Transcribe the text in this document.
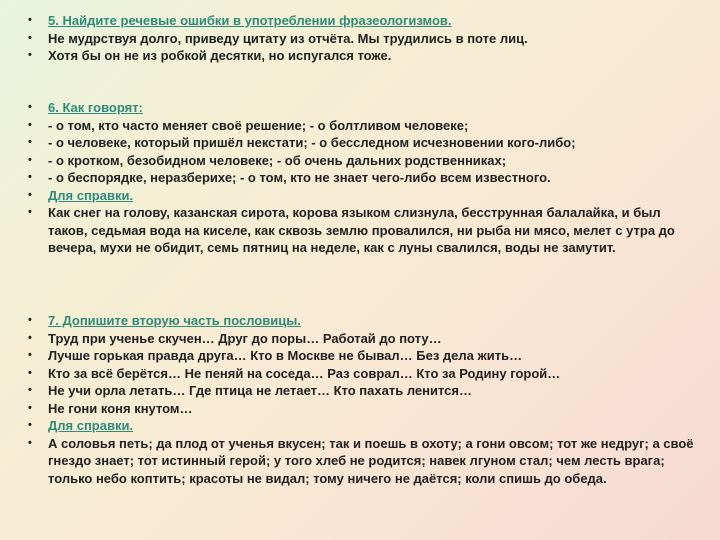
• 5. Найдите речевые ошибки в употреблении фразеологизмов.
• Не мудрствуя долго, приведу цитату из отчёта. Мы трудились в поте лиц.
• Хотя бы он не из робкой десятки, но испугался тоже.
• 6. Как говорят:
• - о том, кто часто меняет своё решение; - о болтливом человеке;
• - о человеке, который пришёл некстати; - о бесследном исчезновении кого-либо;
• - о кротком, безобидном человеке; - об очень дальних родственниках;
• - о беспорядке, неразберихе; - о том, кто не знает чего-либо всем известного.
• Для справки.
• Как снег на голову, казанская сирота, корова языком слизнула, бесструнная балалайка, и был таков, седьмая вода на киселе, как сквозь землю провалился, ни рыба ни мясо, мелет с утра до вечера, мухи не обидит, семь пятниц на неделе, как с луны свалился, воды не замутит.
• 7. Допишите вторую часть пословицы.
• Труд при ученье скучен… Друг до поры… Работай до поту…
• Лучше горькая правда друга… Кто в Москве не бывал… Без дела жить…
• Кто за всё берётся… Не пеняй на соседа… Раз соврал… Кто за Родину горой…
• Не учи орла летать… Где птица не летает… Кто пахать ленится…
• Не гони коня кнутом…
• Для справки.
• А соловья петь; да плод от ученья вкусен; так и поешь в охоту; а гони овсом; тот же недруг; а своё гнездо знает; тот истинный герой; у того хлеб не родится; навек лгуном стал; чем лесть врага; только небо коптить; красоты не видал; тому ничего не даётся; коли спишь до обеда.
